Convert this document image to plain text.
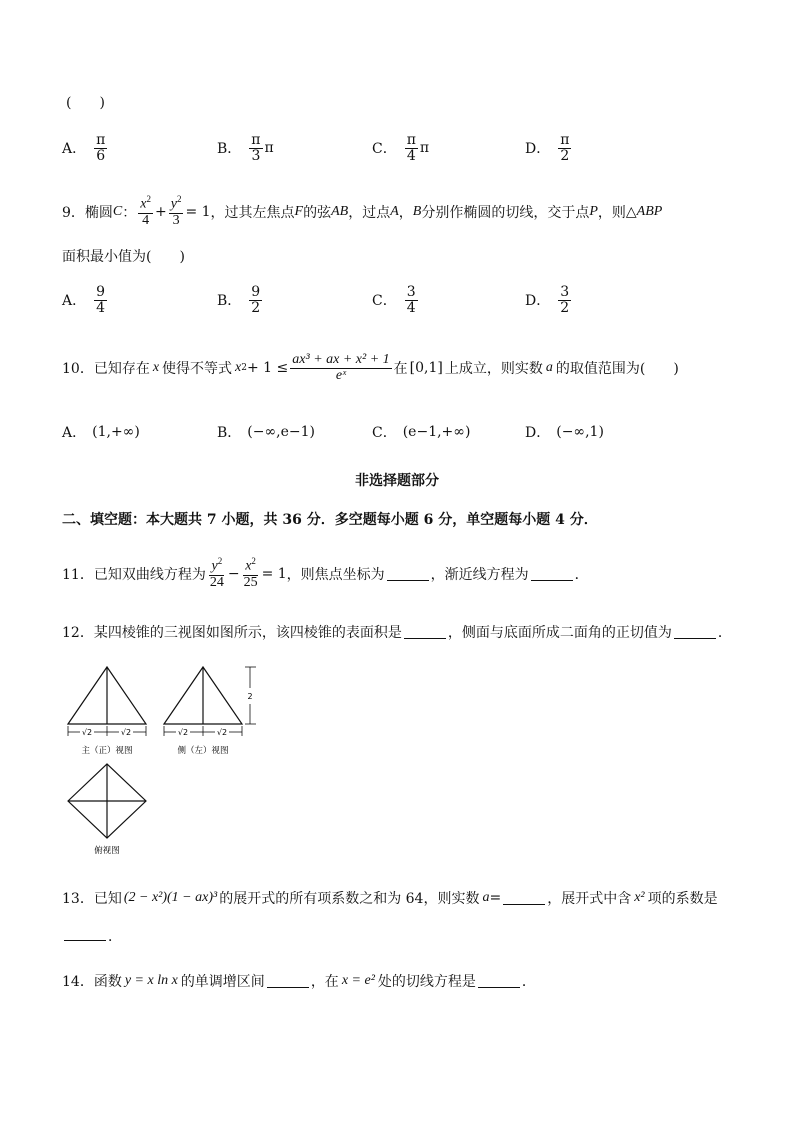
(　　)
A． $\frac{\pi}{6}$	B． $\frac{\pi}{3}$ π	C． $\frac{\pi}{4}$ π	D． $\frac{\pi}{2}$
9． 椭圆 C ： $\frac{x^2}{4} + \frac{y^2}{3} = 1$ ，过其左焦点 F 的弦 AB ，过点 A ， B 分别作椭圆的切线，交于点 P ，则 △ ABP
面积最小值为(　　)
A． $\frac{9}{4}$	B． $\frac{9}{2}$	C． $\frac{3}{4}$	D． $\frac{3}{2}$
10． 已知存在 x 使得不等式 x $2 + 1 \le \frac{\text{ax³ + ax + x² + 1}}{\text{eˣ}}$ 在 [0,1] 上成立，则实数 a 的取值范围为(　　)
A． (1,+∞)	B． (−∞,e−1)	C． (e−1,+∞)	D． (−∞,1)
非选择题部分
二、填空题：本大题共 7 小题，共 36 分．多空题每小题 6 分，单空题每小题 4 分．
11． 已知双曲线方程为 $\frac{y^2}{24} - \frac{x^2}{25} = 1$ ，则焦点坐标为	，渐近线方程为	．
12． 某四棱锥的三视图如图所示，该四棱锥的表面积是	，侧面与底面所成二面角的正切值为	．
√2	√2
主（正）视图
√2	√2
2
侧（左）视图
俯视图
13． 已知 (2 − x²)(1 − ax)³ 的展开式的所有项系数之和为 64，则实数 a =	，展开式中含 x² 项的系数是
．
14． 函数 y = x ln x 的单调增区间	，在 x = e² 处的切线方程是	．
